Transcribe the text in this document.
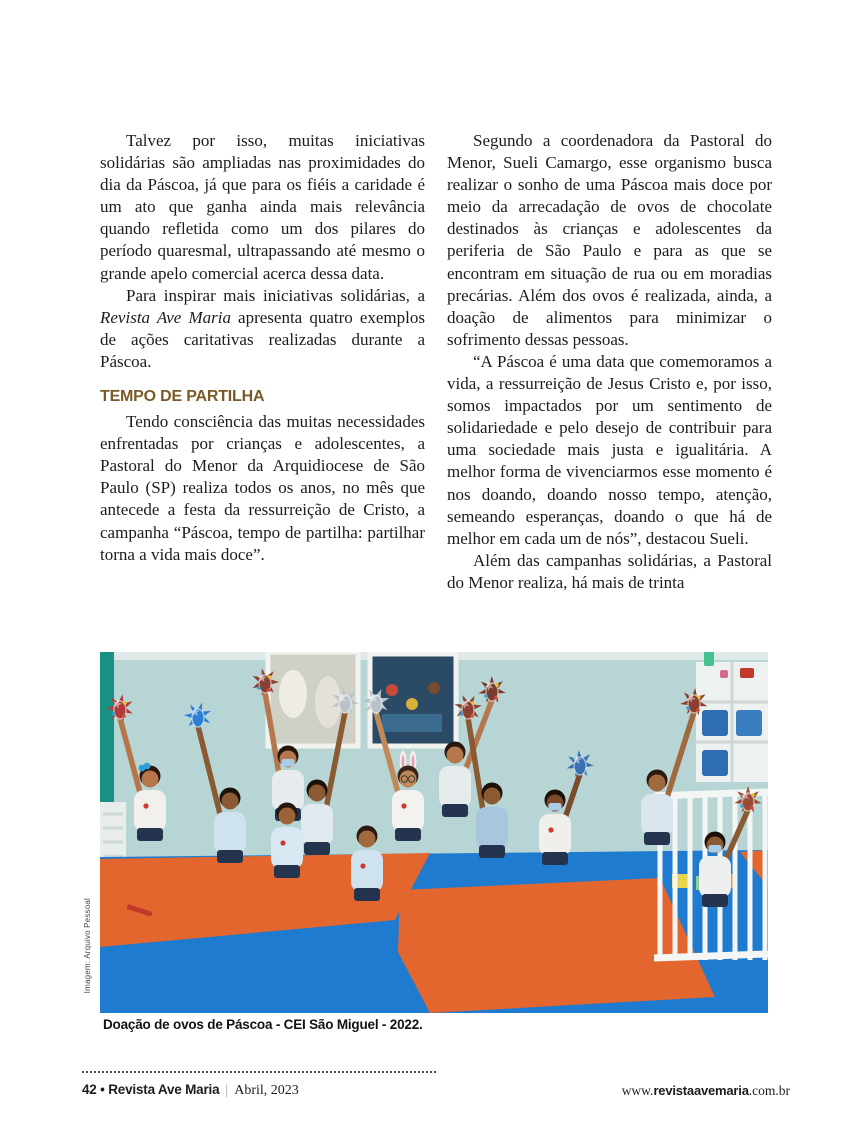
Talvez por isso, muitas iniciativas solidárias são ampliadas nas proximidades do dia da Páscoa, já que para os fiéis a caridade é um ato que ganha ainda mais relevância quando refletida como um dos pilares do período quaresmal, ultrapassando até mesmo o grande apelo comercial acerca dessa data.

Para inspirar mais iniciativas solidárias, a Revista Ave Maria apresenta quatro exemplos de ações caritativas realizadas durante a Páscoa.

TEMPO DE PARTILHA

Tendo consciência das muitas necessidades enfrentadas por crianças e adolescentes, a Pastoral do Menor da Arquidiocese de São Paulo (SP) realiza todos os anos, no mês que antecede a festa da ressurreição de Cristo, a campanha “Páscoa, tempo de partilha: partilhar torna a vida mais doce”.

Segundo a coordenadora da Pastoral do Menor, Sueli Camargo, esse organismo busca realizar o sonho de uma Páscoa mais doce por meio da arrecadação de ovos de chocolate destinados às crianças e adolescentes da periferia de São Paulo e para as que se encontram em situação de rua ou em moradias precárias. Além dos ovos é realizada, ainda, a doação de alimentos para minimizar o sofrimento dessas pessoas.

“A Páscoa é uma data que comemoramos a vida, a ressurreição de Jesus Cristo e, por isso, somos impactados por um sentimento de solidariedade e pelo desejo de contribuir para uma sociedade mais justa e igualitária. A melhor forma de vivenciarmos esse momento é nos doando, doando nosso tempo, atenção, semeando esperanças, doando o que há de melhor em cada um de nós”, destacou Sueli.

Além das campanhas solidárias, a Pastoral do Menor realiza, há mais de trinta

Imagem: Arquivo Pessoal
Doação de ovos de Páscoa - CEI São Miguel - 2022.
42 • Revista Ave Maria | Abril, 2023	www.revistaavemaria.com.br
